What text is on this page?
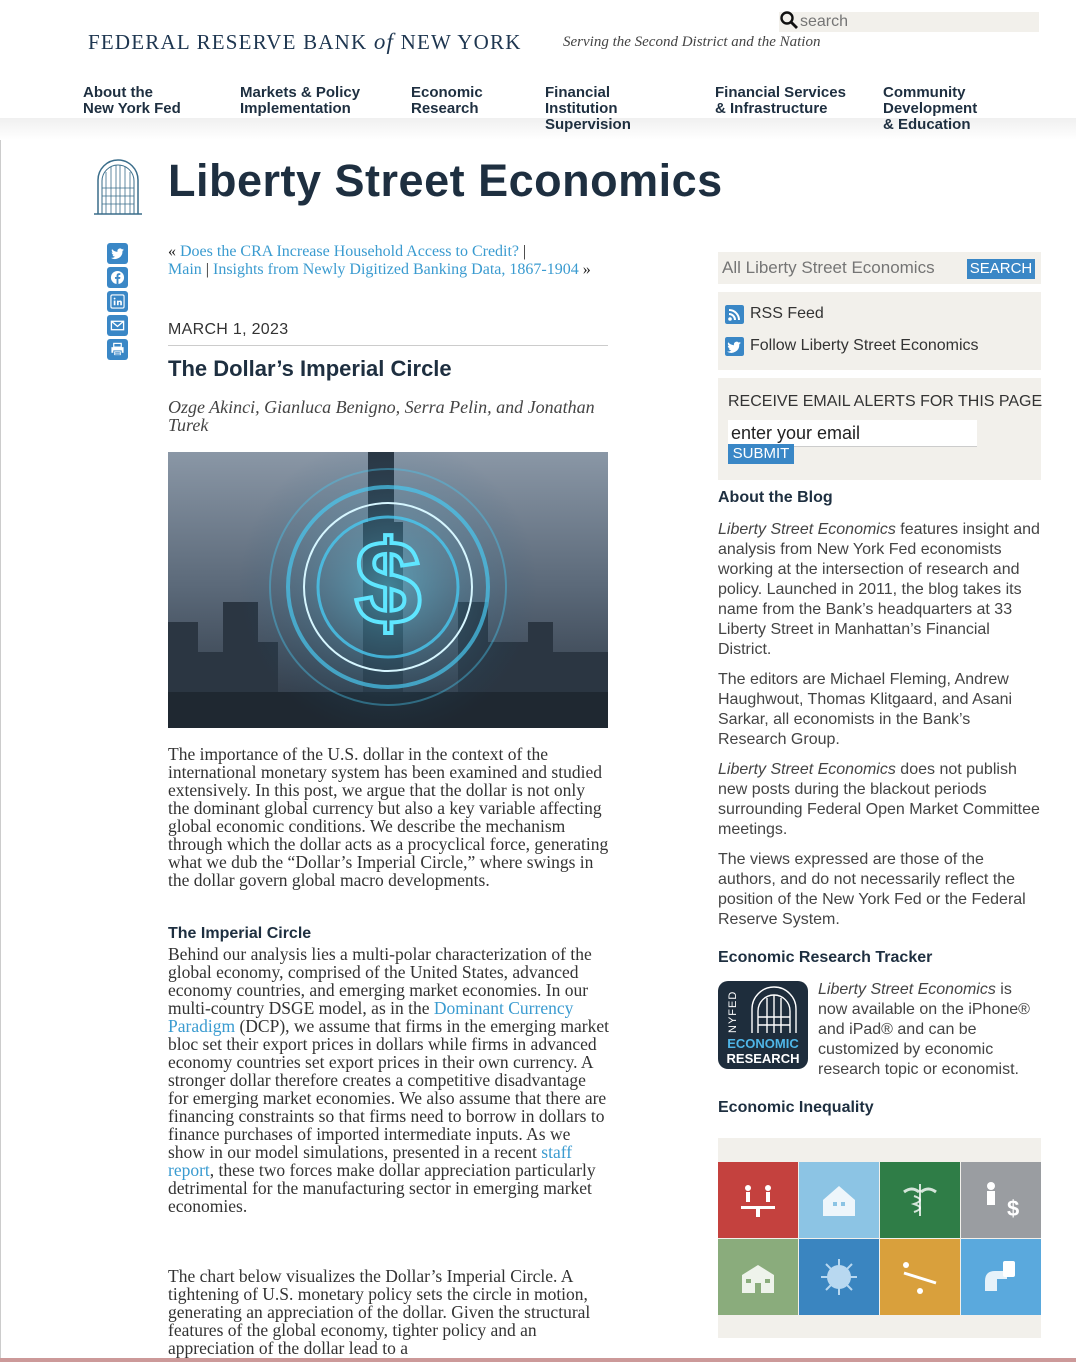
FEDERAL RESERVE BANK of NEW YORK	Serving the Second District and the Nation
search
About the
New York Fed
Markets & Policy
Implementation
Economic
Research
Financial
Institution
Supervision
Financial Services
& Infrastructure
Community
Development
& Education
Liberty Street Economics
« Does the CRA Increase Household Access to Credit? |
Main | Insights from Newly Digitized Banking Data, 1867-1904 »
MARCH 1, 2023
The Dollar’s Imperial Circle
Ozge Akinci, Gianluca Benigno, Serra Pelin, and Jonathan Turek
$
The importance of the U.S. dollar in the context of the international monetary system has been examined and studied extensively. In this post, we argue that the dollar is not only the dominant global currency but also a key variable affecting global economic conditions. We describe the mechanism through which the dollar acts as a procyclical force, generating what we dub the “Dollar’s Imperial Circle,” where swings in the dollar govern global macro developments.
The Imperial Circle
Behind our analysis lies a multi-polar characterization of the global economy, comprised of the United States, advanced economy countries, and emerging market economies. In our multi-country DSGE model, as in the Dominant Currency Paradigm (DCP), we assume that firms in the emerging market bloc set their export prices in dollars while firms in advanced economy countries set export prices in their own currency. A stronger dollar therefore creates a competitive disadvantage for emerging market economies. We also assume that there are financing constraints so that firms need to borrow in dollars to finance purchases of imported intermediate inputs. As we show in our model simulations, presented in a recent staff report, these two forces make dollar appreciation particularly detrimental for the manufacturing sector in emerging market economies.
The chart below visualizes the Dollar’s Imperial Circle. A tightening of U.S. monetary policy sets the circle in motion, generating an appreciation of the dollar. Given the structural features of the global economy, tighter policy and an appreciation of the dollar lead to a
All Liberty Street Economics
SEARCH
RSS Feed
Follow Liberty Street Economics
RECEIVE EMAIL ALERTS FOR THIS PAGE
enter your email
SUBMIT
About the Blog
Liberty Street Economics features insight and analysis from New York Fed economists working at the intersection of research and policy. Launched in 2011, the blog takes its name from the Bank’s headquarters at 33 Liberty Street in Manhattan’s Financial District.
The editors are Michael Fleming, Andrew Haughwout, Thomas Klitgaard, and Asani Sarkar, all economists in the Bank’s Research Group.
Liberty Street Economics does not publish new posts during the blackout periods surrounding Federal Open Market Committee meetings.
The views expressed are those of the authors, and do not necessarily reflect the position of the New York Fed or the Federal Reserve System.
Economic Research Tracker
NYFED
ECONOMIC
RESEARCH
Liberty Street Economics is now available on the iPhone® and iPad® and can be customized by economic research topic or economist.
Economic Inequality
$
